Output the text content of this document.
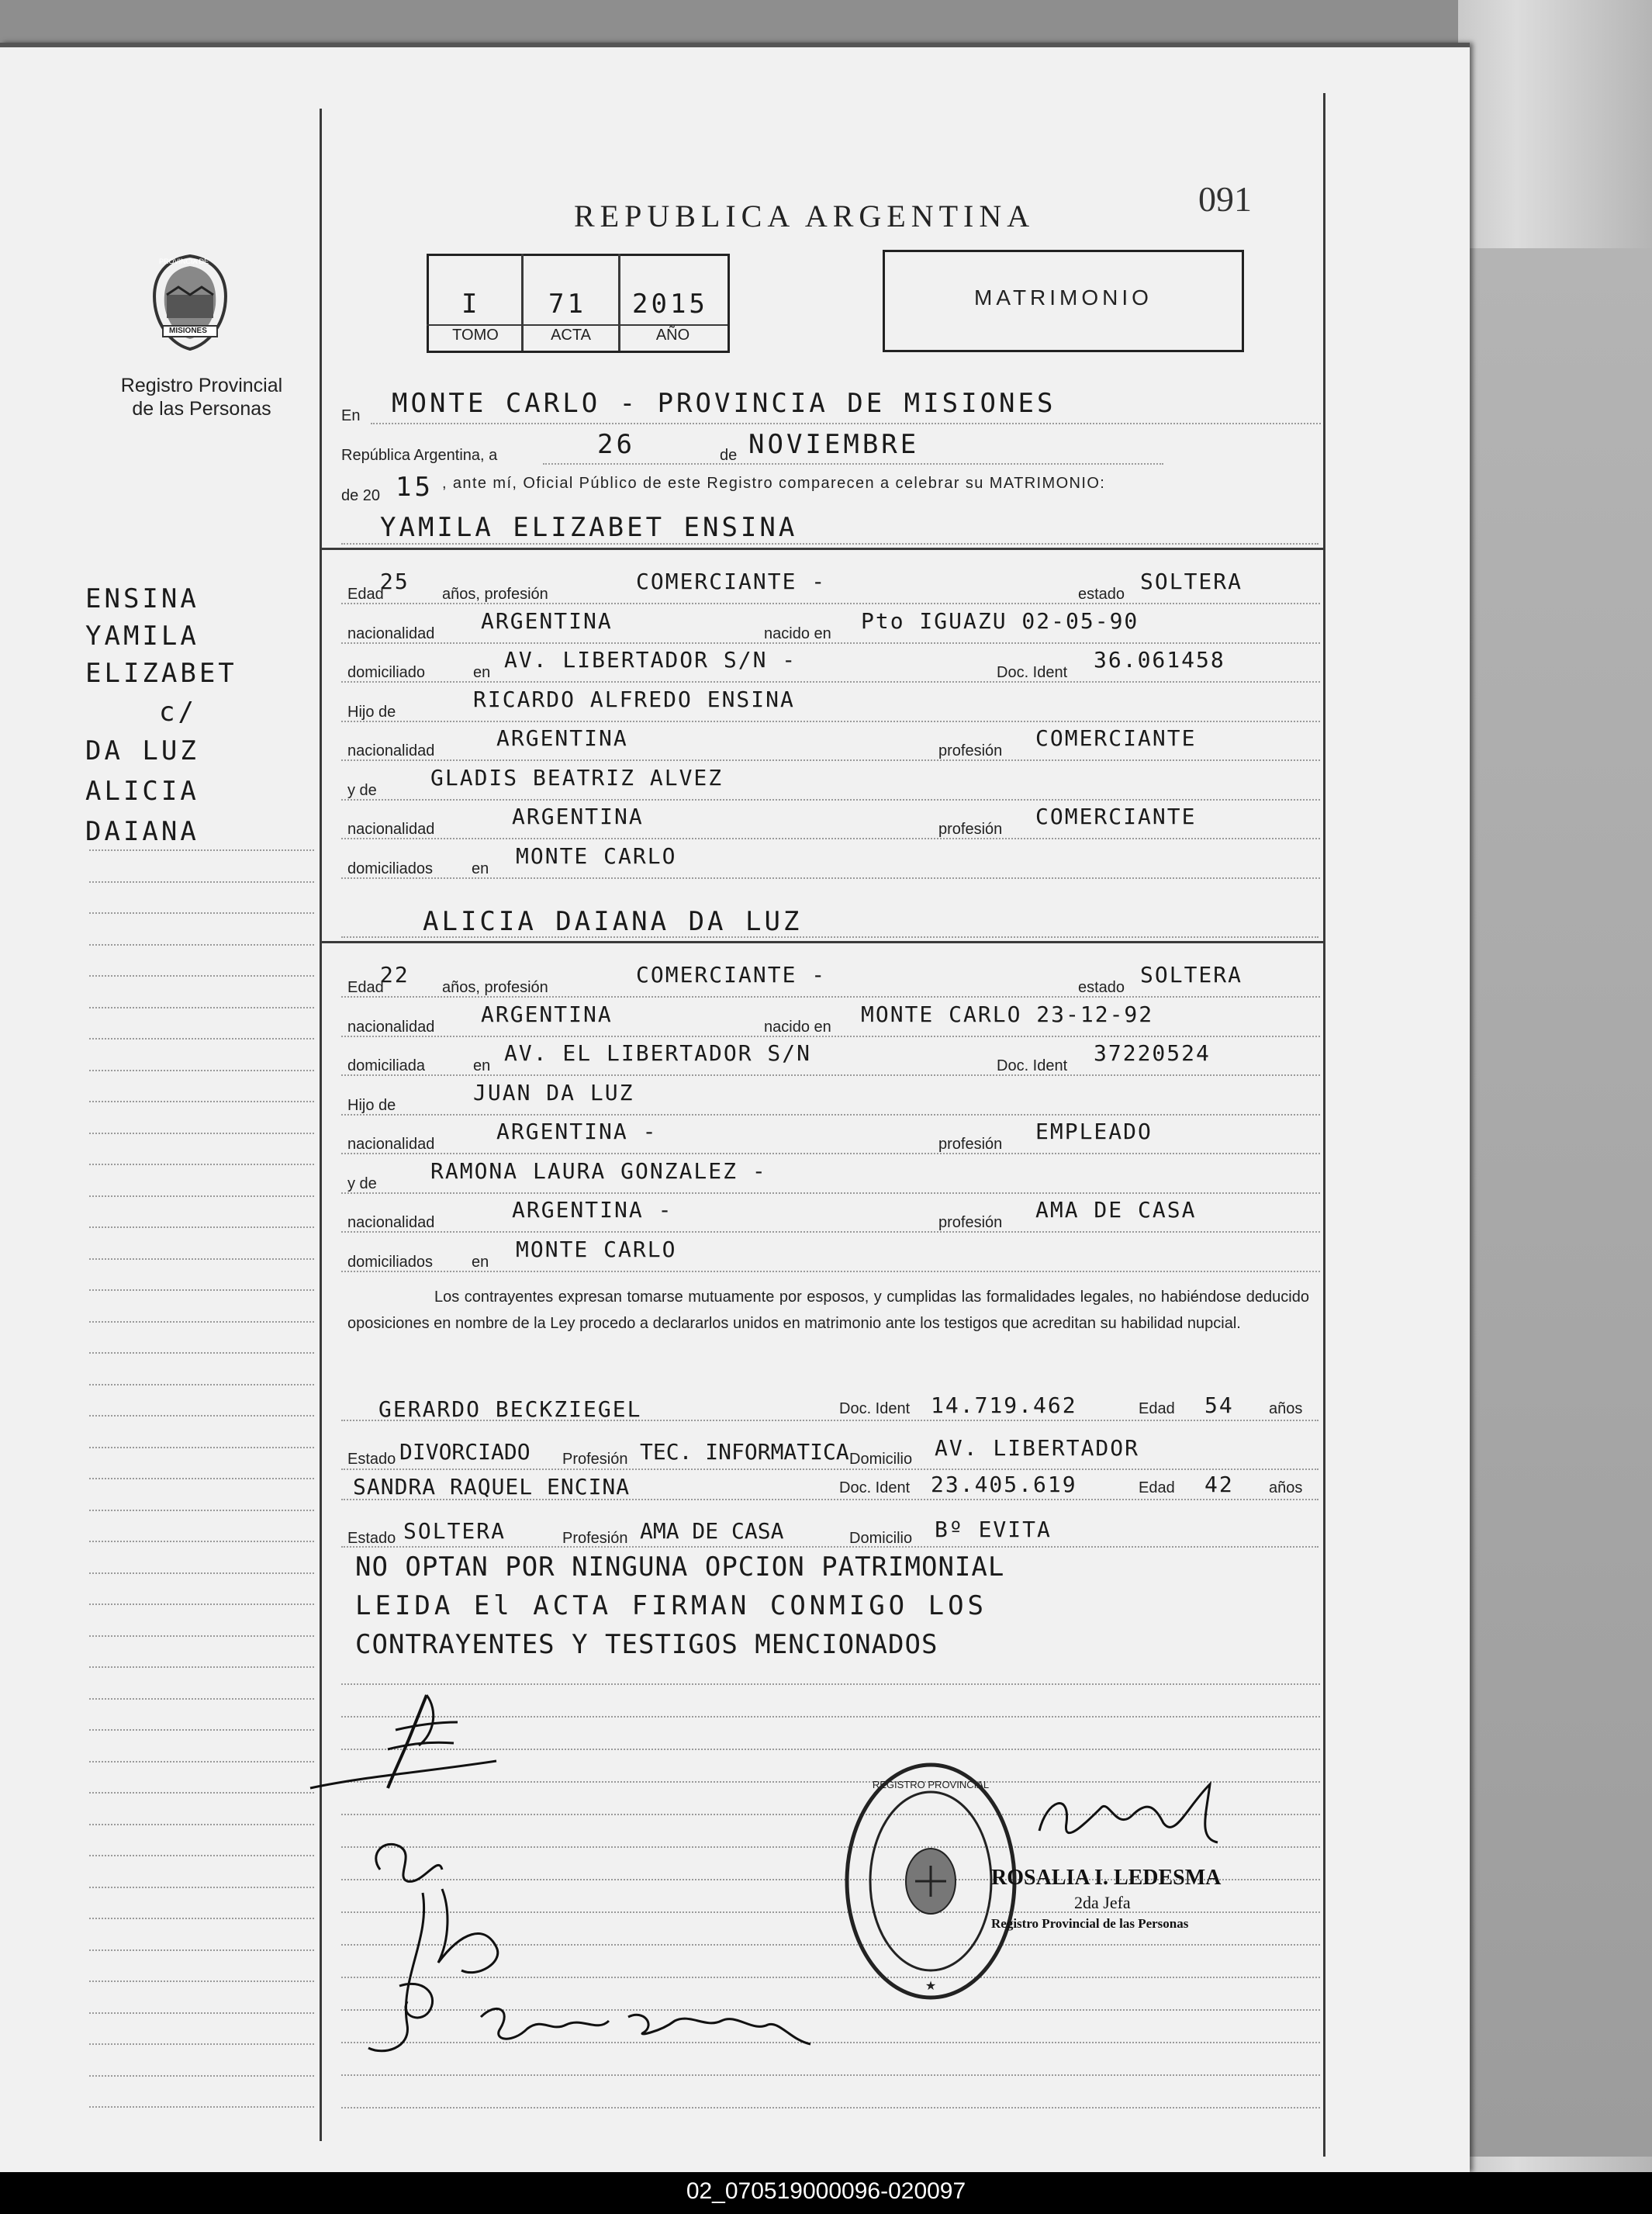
091
REPUBLICA ARGENTINA
PROVINCIA DE
MISIONES
Registro Provincial
de las Personas
I	71 2015
TOMO	ACTA	AÑO
MATRIMONIO
ENSINA
YAMILA
ELIZABET
c/
DA LUZ
ALICIA
DAIANA
En MONTE CARLO - PROVINCIA DE MISIONES
República Argentina, a	26	de NOVIEMBRE
de 20 15 , ante mí, Oficial Público de este Registro comparecen a celebrar su MATRIMONIO:
YAMILA ELIZABET ENSINA
Edad
25 años, profesión	COMERCIANTE -	estado SOLTERA
nacionalidad ARGENTINA	nacido en Pto IGUAZU 02-05-90
domiciliado	en AV. LIBERTADOR S/N -	Doc. Ident 36.061458
Hijo de	RICARDO ALFREDO ENSINA
nacionalidad	ARGENTINA	profesión COMERCIANTE
y de GLADIS BEATRIZ ALVEZ
nacionalidad	ARGENTINA	profesión COMERCIANTE
domiciliados en MONTE CARLO
ALICIA DAIANA DA LUZ
Edad
22 años, profesión	COMERCIANTE -	estado SOLTERA
nacionalidad ARGENTINA	nacido en MONTE CARLO 23-12-92
domiciliada	en AV. EL LIBERTADOR S/N	Doc. Ident 37220524
Hijo de	JUAN DA LUZ
nacionalidad	ARGENTINA -	profesión EMPLEADO
y de RAMONA LAURA GONZALEZ -
nacionalidad	ARGENTINA -	profesión AMA DE CASA
domiciliados en MONTE CARLO
Los contrayentes expresan tomarse mutuamente por esposos, y cumplidas las formalidades legales, no habiéndose deducido oposiciones en nombre de la Ley procedo a declararlos unidos en matrimonio ante los testigos que acreditan su habilidad nupcial.
GERARDO BECKZIEGEL	Doc. Ident 14.719.462	Edad 54 años
Estado DIVORCIADO Profesión TEC. INFORMATICA Domicilio AV. LIBERTADOR
SANDRA RAQUEL ENCINA	Doc. Ident 23.405.619	Edad 42 años
Estado SOLTERA	Profesión AMA DE CASA	Domicilio Bº EVITA
NO OPTAN POR NINGUNA OPCION PATRIMONIAL
LEIDA El ACTA FIRMAN CONMIGO LOS
CONTRAYENTES Y TESTIGOS MENCIONADOS
★
REGISTRO PROVINCIAL
ROSALIA I. LEDESMA
2da Jefa
Registro Provincial de las Personas
02_070519000096-020097
